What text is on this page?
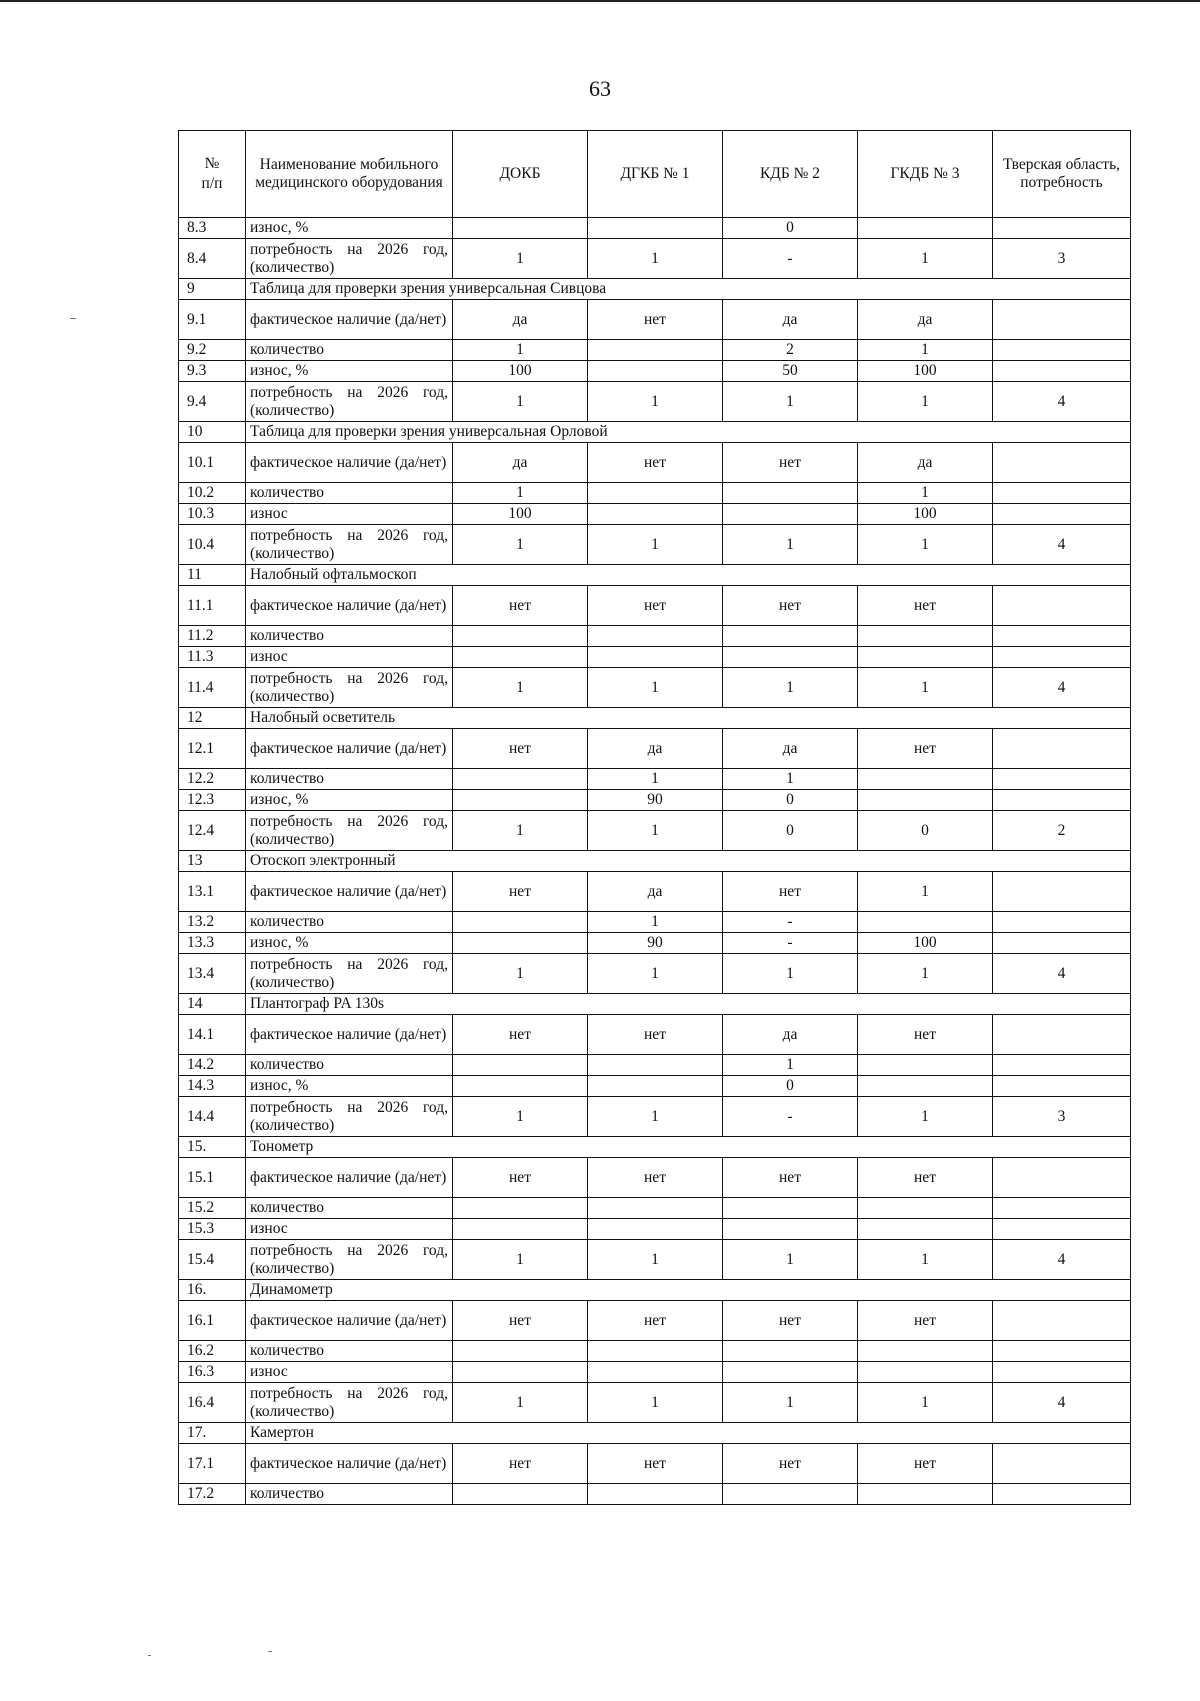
63
№
п/п	Наименование мобильного медицинского оборудования	ДОКБ	ДГКБ № 1	КДБ № 2	ГКДБ № 3	Тверская область, потребность
8.3	износ, %			0		
8.4	потребность на 2026 год, (количество)	1	1	-	1	3
9	Таблица для проверки зрения универсальная Сивцова					
9.1	фактическое наличие (да/нет)	да	нет	да	да	
9.2	количество	1		2	1	
9.3	износ, %	100		50	100	
9.4	потребность на 2026 год, (количество)	1	1	1	1	4
10	Таблица для проверки зрения универсальная Орловой					
10.1	фактическое наличие (да/нет)	да	нет	нет	да	
10.2	количество	1			1	
10.3	износ	100			100	
10.4	потребность на 2026 год, (количество)	1	1	1	1	4
11	Налобный офтальмоскоп					
11.1	фактическое наличие (да/нет)	нет	нет	нет	нет	
11.2	количество					
11.3	износ					
11.4	потребность на 2026 год, (количество)	1	1	1	1	4
12	Налобный осветитель					
12.1	фактическое наличие (да/нет)	нет	да	да	нет	
12.2	количество		1	1		
12.3	износ, %		90	0		
12.4	потребность на 2026 год, (количество)	1	1	0	0	2
13	Отоскоп электронный					
13.1	фактическое наличие (да/нет)	нет	да	нет	1	
13.2	количество		1	-		
13.3	износ, %		90	-	100	
13.4	потребность на 2026 год, (количество)	1	1	1	1	4
14	Плантограф PA 130s					
14.1	фактическое наличие (да/нет)	нет	нет	да	нет	
14.2	количество			1		
14.3	износ, %			0		
14.4	потребность на 2026 год, (количество)	1	1	-	1	3
15.	Тонометр					
15.1	фактическое наличие (да/нет)	нет	нет	нет	нет	
15.2	количество					
15.3	износ					
15.4	потребность на 2026 год, (количество)	1	1	1	1	4
16.	Динамометр					
16.1	фактическое наличие (да/нет)	нет	нет	нет	нет	
16.2	количество					
16.3	износ					
16.4	потребность на 2026 год, (количество)	1	1	1	1	4
17.	Камертон					
17.1	фактическое наличие (да/нет)	нет	нет	нет	нет	
17.2	количество					
